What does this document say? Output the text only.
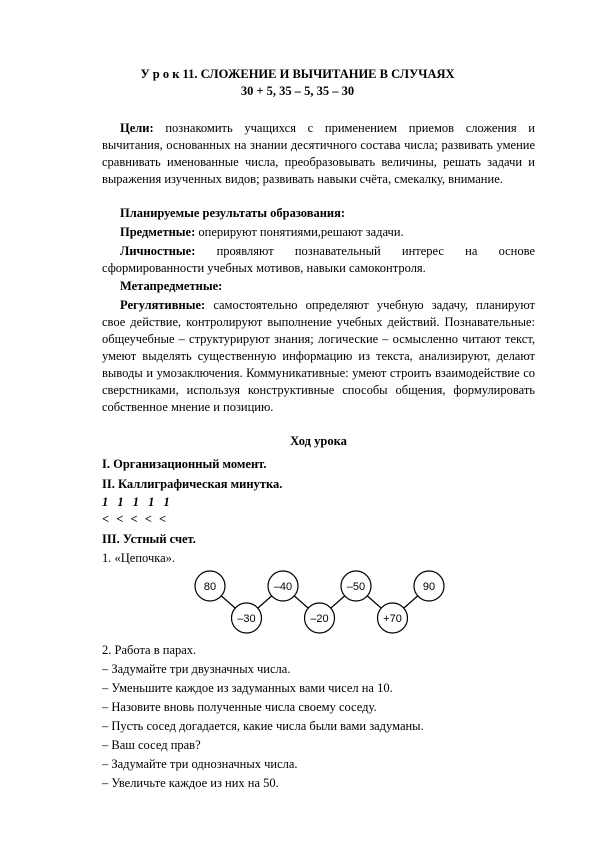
У р о к 11. СЛОЖЕНИЕ И ВЫЧИТАНИЕ В СЛУЧАЯХ
30 + 5, 35 – 5, 35 – 30
Цели: познакомить учащихся с применением приемов сложения и вычитания, основанных на знании десятичного состава числа; развивать умение сравнивать именованные числа, преобразовывать величины, решать задачи и выражения изученных видов; развивать навыки счёта, смекалку, внимание.
Планируемые результаты образования:
Предметные: оперируют понятиями,решают задачи.
Личностные: проявляют познавательный интерес на основе сформированности учебных мотивов, навыки самоконтроля.
Метапредметные:
Регулятивные: самостоятельно определяют учебную задачу, планируют свое действие, контролируют выполнение учебных действий. Познавательные: общеучебные – структурируют знания; логические – осмысленно читают текст, умеют выделять существенную информацию из текста, анализируют, делают выводы и умозаключения. Коммуникативные: умеют строить взаимодействие со сверстниками, используя конструктивные способы общения, формулировать собственное мнение и позицию.
Ход урока
I. Организационный момент.
II. Каллиграфическая минутка.
1 1 1 1 1
< < < < <
III. Устный счет.
1. «Цепочка».
80
–30
–40
–20
–50
+70
90
2. Работа в парах.
– Задумайте три двузначных числа.
– Уменьшите каждое из задуманных вами чисел на 10.
– Назовите вновь полученные числа своему соседу.
– Пусть сосед догадается, какие числа были вами задуманы.
– Ваш сосед прав?
– Задумайте три однозначных числа.
– Увеличьте каждое из них на 50.
